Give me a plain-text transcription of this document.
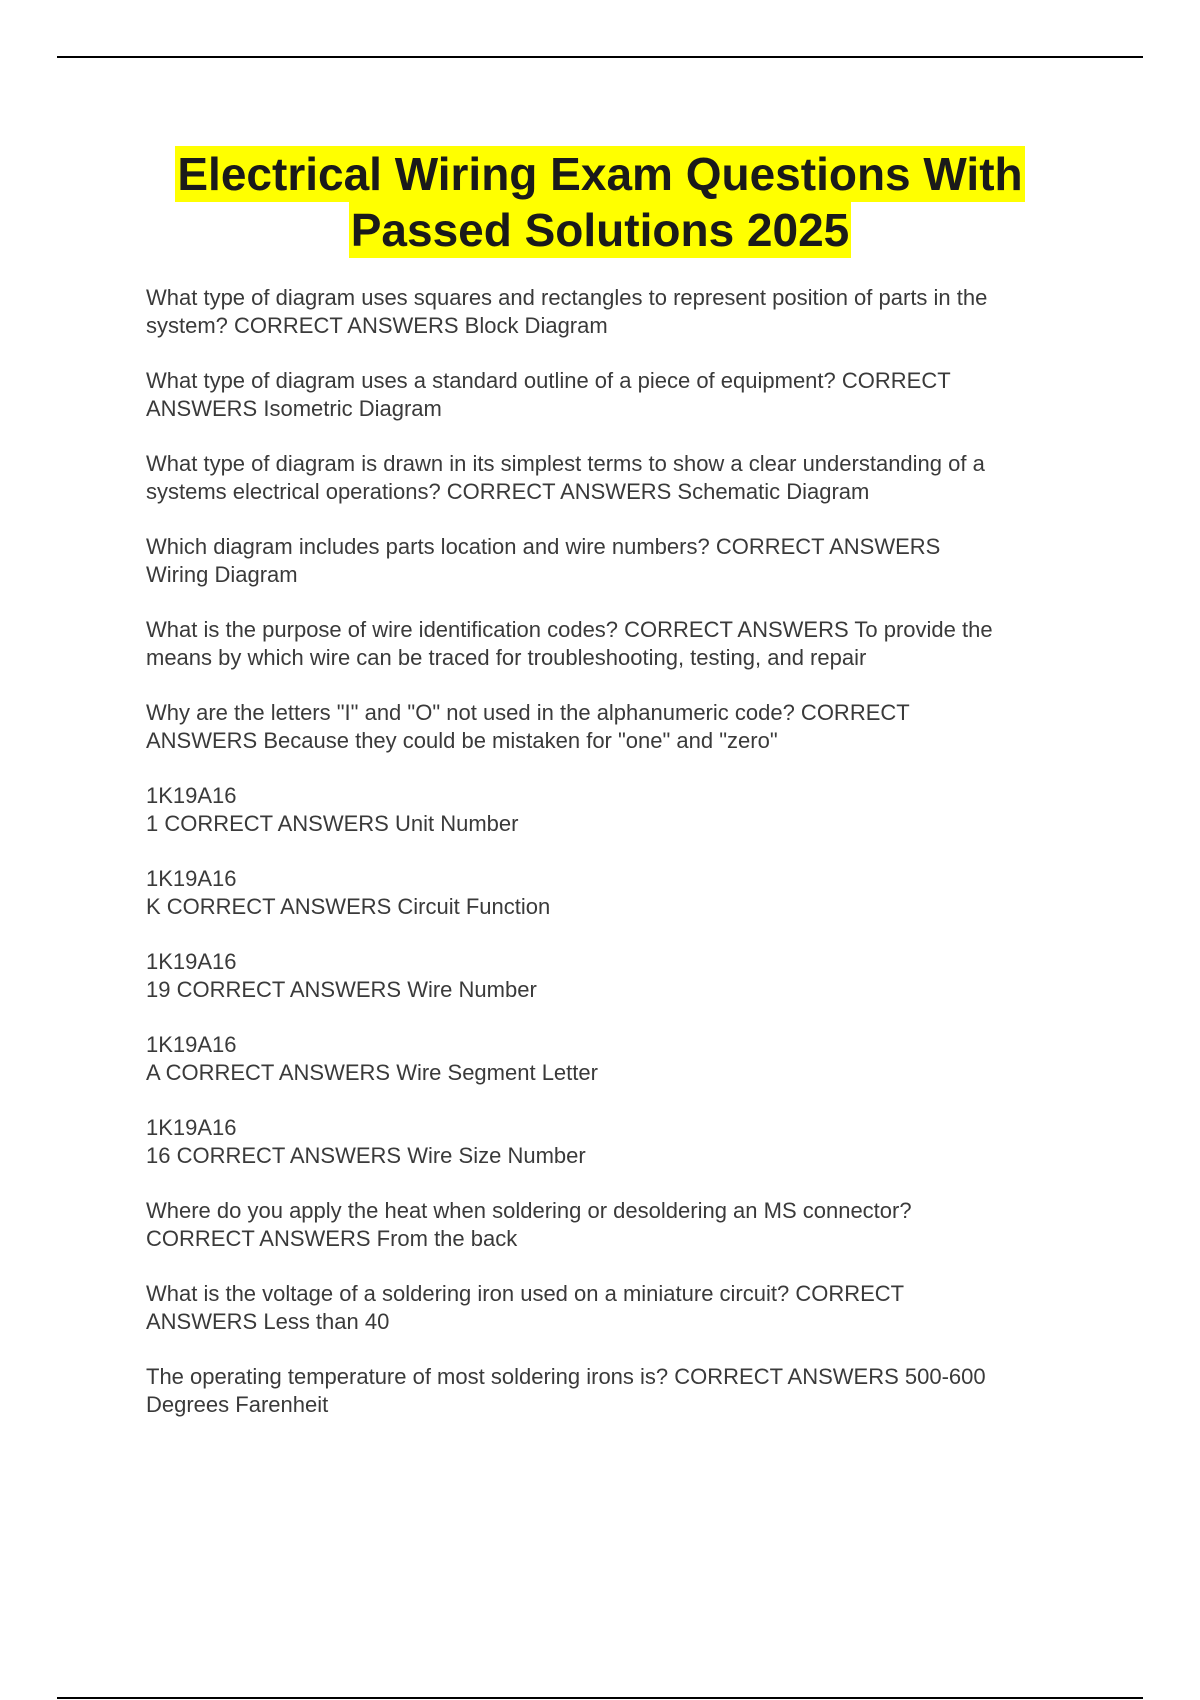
Electrical Wiring Exam Questions With
Passed Solutions 2025

What type of diagram uses squares and rectangles to represent position of parts in the
system? CORRECT ANSWERS Block Diagram

What type of diagram uses a standard outline of a piece of equipment? CORRECT
ANSWERS Isometric Diagram

What type of diagram is drawn in its simplest terms to show a clear understanding of a
systems electrical operations? CORRECT ANSWERS Schematic Diagram

Which diagram includes parts location and wire numbers? CORRECT ANSWERS
Wiring Diagram

What is the purpose of wire identification codes? CORRECT ANSWERS To provide the
means by which wire can be traced for troubleshooting, testing, and repair

Why are the letters "I" and "O" not used in the alphanumeric code? CORRECT
ANSWERS Because they could be mistaken for "one" and "zero"

1K19A16
1 CORRECT ANSWERS Unit Number

1K19A16
K CORRECT ANSWERS Circuit Function

1K19A16
19 CORRECT ANSWERS Wire Number

1K19A16
A CORRECT ANSWERS Wire Segment Letter

1K19A16
16 CORRECT ANSWERS Wire Size Number

Where do you apply the heat when soldering or desoldering an MS connector?
CORRECT ANSWERS From the back

What is the voltage of a soldering iron used on a miniature circuit? CORRECT
ANSWERS Less than 40

The operating temperature of most soldering irons is? CORRECT ANSWERS 500-600
Degrees Farenheit
